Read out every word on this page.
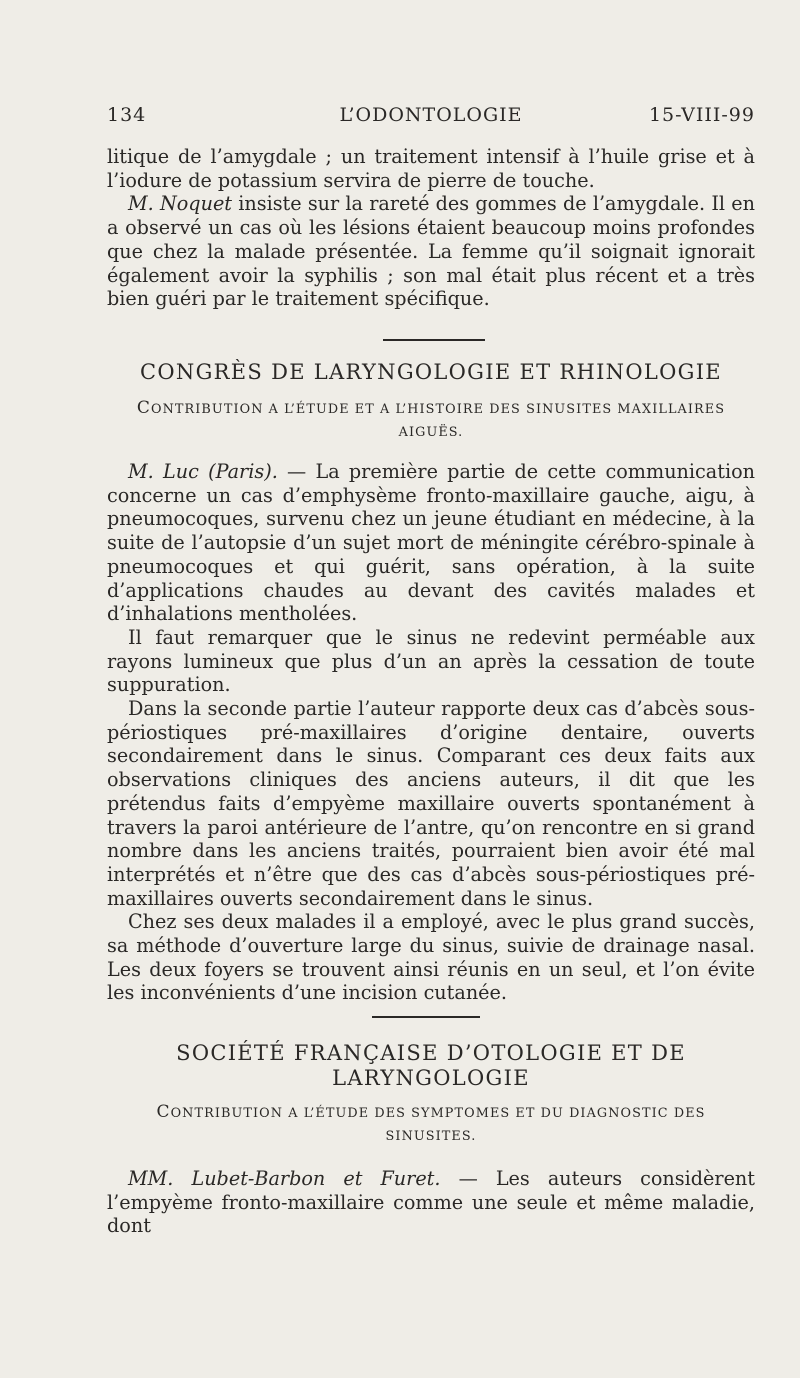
134	L’ODONTOLOGIE	15-VIII-99

litique de l’amygdale ; un traitement intensif à l’huile grise et à l’iodure de potassium servira de pierre de touche.

M. Noquet insiste sur la rareté des gommes de l’amygdale. Il en a observé un cas où les lésions étaient beaucoup moins profondes que chez la malade présentée. La femme qu’il soignait ignorait également avoir la syphilis ; son mal était plus récent et a très bien guéri par le traitement spécifique.

CONGRÈS DE LARYNGOLOGIE ET RHINOLOGIE
CONTRIBUTION A L’ÉTUDE ET A L’HISTOIRE DES SINUSITES MAXILLAIRES
AIGUËS.

M. Luc (Paris). — La première partie de cette communication concerne un cas d’emphysème fronto-maxillaire gauche, aigu, à pneumocoques, survenu chez un jeune étudiant en médecine, à la suite de l’autopsie d’un sujet mort de méningite cérébro-spinale à pneumocoques et qui guérit, sans opération, à la suite d’applications chaudes au devant des cavités malades et d’inhalations mentholées.

Il faut remarquer que le sinus ne redevint perméable aux rayons lumineux que plus d’un an après la cessation de toute suppuration.

Dans la seconde partie l’auteur rapporte deux cas d’abcès sous-périostiques pré-maxillaires d’origine dentaire, ouverts secondairement dans le sinus. Comparant ces deux faits aux observations cliniques des anciens auteurs, il dit que les prétendus faits d’empyème maxillaire ouverts spontanément à travers la paroi antérieure de l’antre, qu’on rencontre en si grand nombre dans les anciens traités, pourraient bien avoir été mal interprétés et n’être que des cas d’abcès sous-périostiques pré-maxillaires ouverts secondairement dans le sinus.

Chez ses deux malades il a employé, avec le plus grand succès, sa méthode d’ouverture large du sinus, suivie de drainage nasal. Les deux foyers se trouvent ainsi réunis en un seul, et l’on évite les inconvénients d’une incision cutanée.

SOCIÉTÉ FRANÇAISE D’OTOLOGIE ET DE
LARYNGOLOGIE
CONTRIBUTION A L’ÉTUDE DES SYMPTOMES ET DU DIAGNOSTIC DES
SINUSITES.

MM. Lubet-Barbon et Furet. — Les auteurs considèrent l’empyème fronto-maxillaire comme une seule et même maladie, dont
